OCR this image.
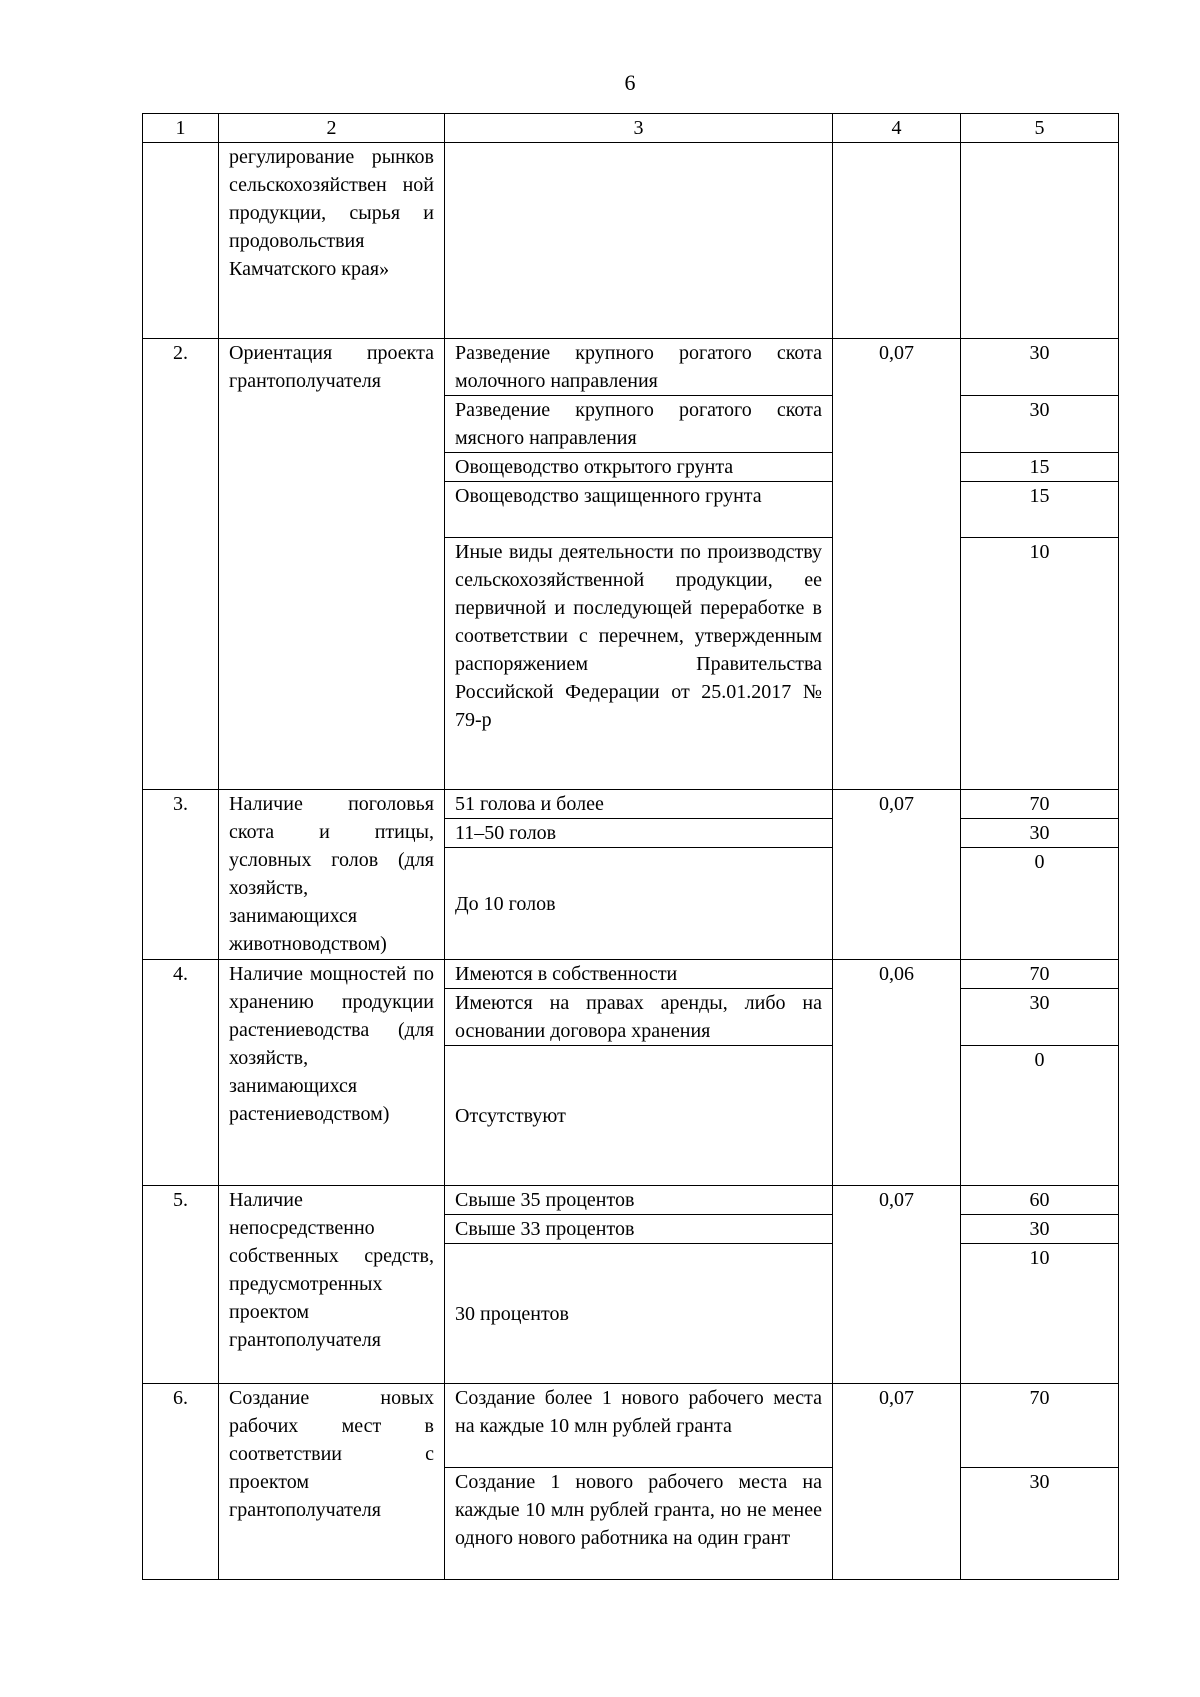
6
1	2	3	4	5
	регулирование рынков сельскохозяйствен ной продукции, сырья и продовольствия Камчатского края»			
2.	Ориентация проекта грантополучателя	Разведение крупного рогатого скота молочного направления	0,07	30
		Разведение крупного рогатого скота мясного направления		30
		Овощеводство открытого грунта		15
		Овощеводство защищенного грунта		15
		Иные виды деятельности по производству сельскохозяйственной продукции, ее первичной и последующей переработке в соответствии с перечнем, утвержденным распоряжением Правительства Российской Федерации от 25.01.2017 № 79-р		10
3.	Наличие поголовья скота и птицы, условных голов (для хозяйств, занимающихся животноводством)	51 голова и более	0,07	70
		11–50 голов		30
		До 10 голов		0
4.	Наличие мощностей по хранению продукции растениеводства (для хозяйств, занимающихся растениеводством)	Имеются в собственности	0,06	70
		Имеются на правах аренды, либо на основании договора хранения		30
		Отсутствуют		0
5.	Наличие непосредственно собственных средств, предусмотренных проектом грантополучателя	Свыше 35 процентов	0,07	60
		Свыше 33 процентов		30
		30 процентов		10
6.	Создание новых рабочих мест в соответствии с проектом грантополучателя	Создание более 1 нового рабочего места на каждые 10 млн рублей гранта	0,07	70
		Создание 1 нового рабочего места на каждые 10 млн рублей гранта, но не менее одного нового работника на один грант		30
